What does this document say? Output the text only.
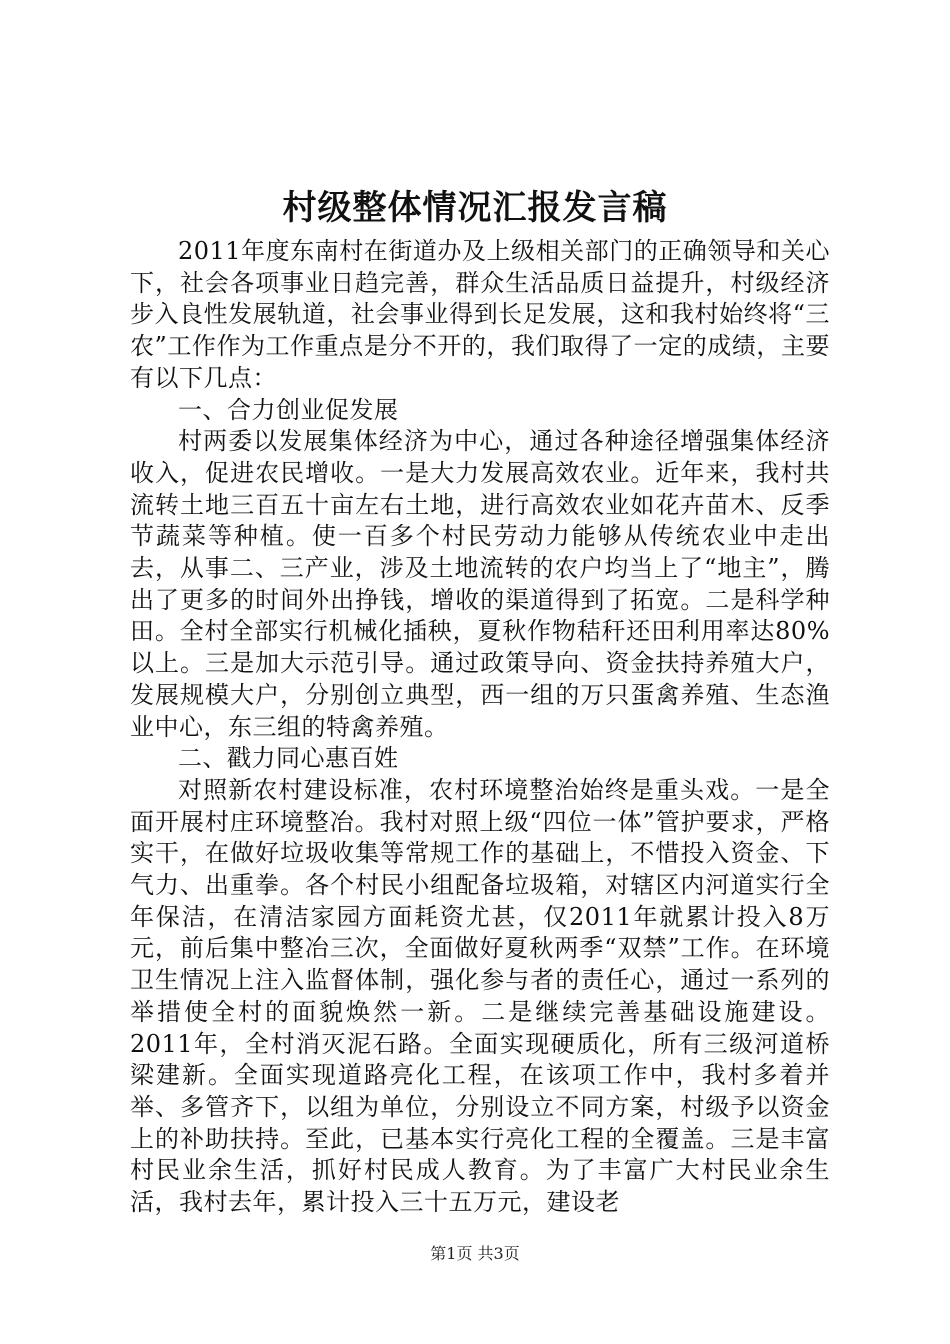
村级整体情况汇报发言稿

2011年度东南村在街道办及上级相关部门的正确领导和关心下，社会各项事业日趋完善，群众生活品质日益提升，村级经济步入良性发展轨道，社会事业得到长足发展，这和我村始终将“三农”工作作为工作重点是分不开的，我们取得了一定的成绩，主要有以下几点：

一、合力创业促发展

村两委以发展集体经济为中心，通过各种途径增强集体经济收入，促进农民增收。一是大力发展高效农业。近年来，我村共流转土地三百五十亩左右土地，进行高效农业如花卉苗木、反季节蔬菜等种植。使一百多个村民劳动力能够从传统农业中走出去，从事二、三产业，涉及土地流转的农户均当上了“地主”，腾出了更多的时间外出挣钱，增收的渠道得到了拓宽。二是科学种田。全村全部实行机械化插秧，夏秋作物秸秆还田利用率达80%以上。三是加大示范引导。通过政策导向、资金扶持养殖大户，发展规模大户，分别创立典型，西一组的万只蛋禽养殖、生态渔业中心，东三组的特禽养殖。

二、戳力同心惠百姓

对照新农村建设标准，农村环境整治始终是重头戏。一是全面开展村庄环境整冶。我村对照上级“四位一体”管护要求，严格实干，在做好垃圾收集等常规工作的基础上，不惜投入资金、下气力、出重拳。各个村民小组配备垃圾箱，对辖区内河道实行全年保洁，在清洁家园方面耗资尤甚，仅2011年就累计投入8万元，前后集中整冶三次，全面做好夏秋两季“双禁”工作。在环境卫生情况上注入监督体制，强化参与者的责任心，通过一系列的举措使全村的面貌焕然一新。二是继续完善基础设施建设。2011年，全村消灭泥石路。全面实现硬质化，所有三级河道桥梁建新。全面实现道路亮化工程，在该项工作中，我村多着并举、多管齐下，以组为单位，分别设立不同方案，村级予以资金上的补助扶持。至此，已基本实行亮化工程的全覆盖。三是丰富村民业余生活，抓好村民成人教育。为了丰富广大村民业余生活，我村去年，累计投入三十五万元，建设老

第1页 共3页
